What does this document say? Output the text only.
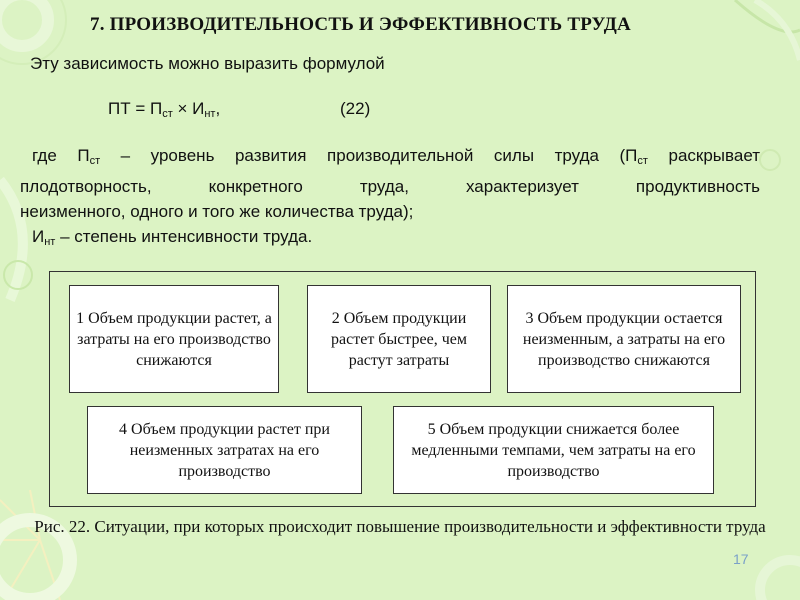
7. ПРОИЗВОДИТЕЛЬНОСТЬ И ЭФФЕКТИВНОСТЬ ТРУДА
Эту зависимость можно выразить формулой
ПТ = $П_{ст} \times И_{нт}$,	(22)
где $П_{ст}$ – уровень развития производительной силы труда ($П_{ст}$ раскрывает
плодотворность, конкретного труда, характеризует продуктивность
неизменного, одного и того же количества труда);
$И_{нт}$ – степень интенсивности труда.
1 Объем продукции растет, а затраты на его производство снижаются
2 Объем продукции растет быстрее, чем растут затраты
3 Объем продукции остается неизменным, а затраты на его производство снижаются
4 Объем продукции растет при неизменных затратах на его производство
5 Объем продукции снижается более медленными темпами, чем затраты на его производство
Рис. 22. Ситуации, при которых происходит повышение производительности и эффективности труда
17
